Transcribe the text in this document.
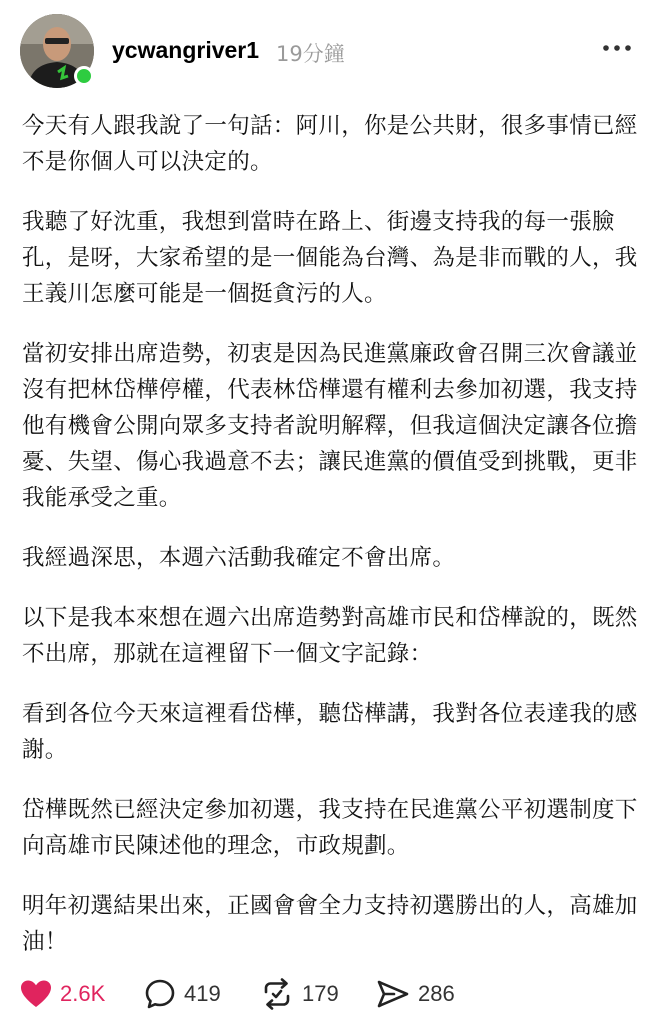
ycwangriver1 19分鐘

今天有人跟我說了一句話：阿川，你是公共財，很多事情已經不是你個人可以決定的。

我聽了好沈重，我想到當時在路上、街邊支持我的每一張臉孔，是呀，大家希望的是一個能為台灣、為是非而戰的人，我王義川怎麼可能是一個挺貪污的人。

當初安排出席造勢，初衷是因為民進黨廉政會召開三次會議並沒有把林岱樺停權，代表林岱樺還有權利去參加初選，我支持他有機會公開向眾多支持者說明解釋，但我這個決定讓各位擔憂、失望、傷心我過意不去；讓民進黨的價值受到挑戰，更非我能承受之重。

我經過深思，本週六活動我確定不會出席。

以下是我本來想在週六出席造勢對高雄市民和岱樺說的，既然不出席，那就在這裡留下一個文字記錄：

看到各位今天來這裡看岱樺，聽岱樺講，我對各位表達我的感謝。

岱樺既然已經決定參加初選，我支持在民進黨公平初選制度下向高雄市民陳述他的理念，市政規劃。

明年初選結果出來，正國會會全力支持初選勝出的人，高雄加油！

2.6K	419	179	286
